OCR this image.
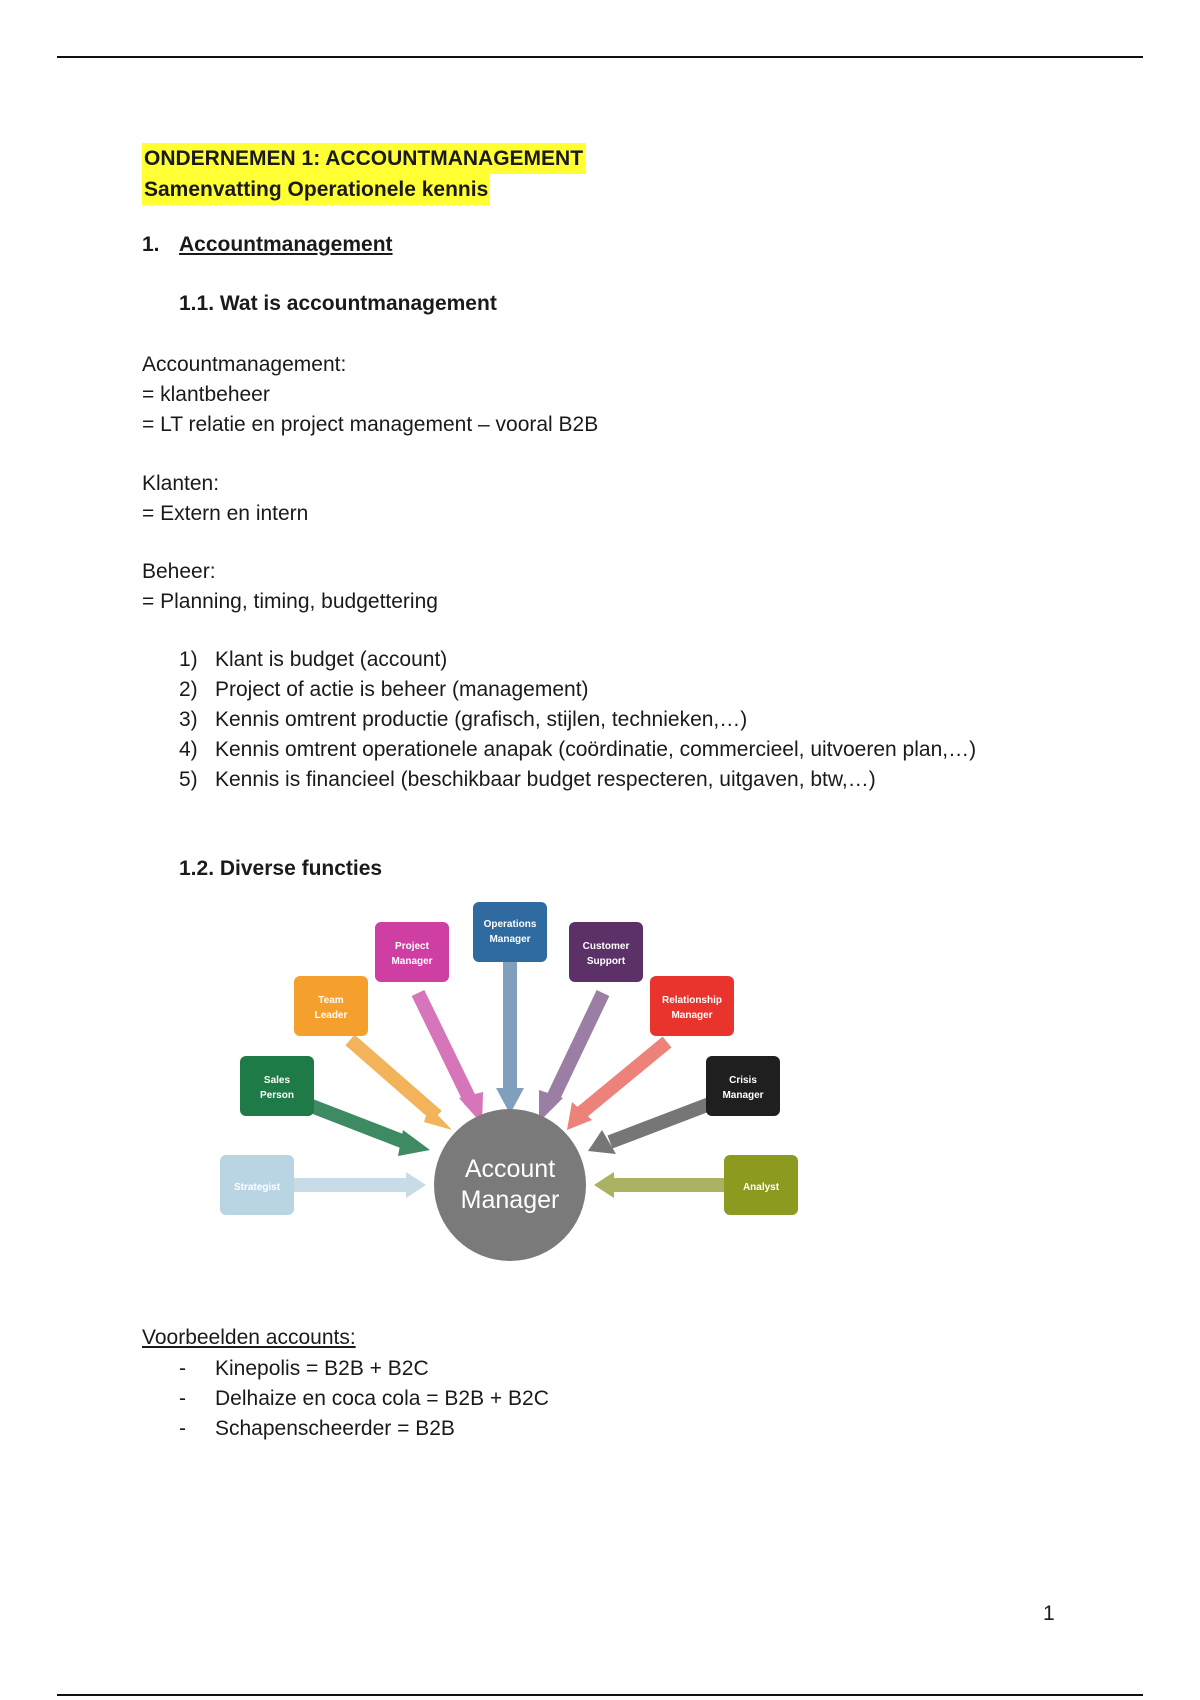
ONDERNEMEN 1: ACCOUNTMANAGEMENT
Samenvatting Operationele kennis
1. Accountmanagement
1.1. Wat is accountmanagement
Accountmanagement:
= klantbeheer
= LT relatie en project management – vooral B2B
Klanten:
= Extern en intern
Beheer:
= Planning, timing, budgettering
1) Klant is budget (account)
2) Project of actie is beheer (management)
3) Kennis omtrent productie (grafisch, stijlen, technieken,…)
4) Kennis omtrent operationele anapak (coördinatie, commercieel, uitvoeren plan,…)
5) Kennis is financieel (beschikbaar budget respecteren, uitgaven, btw,…)
1.2. Diverse functies
Account
Manager
Strategist
Sales
Person
Team
Leader
Project
Manager
Operations
Manager
Customer
Support
Relationship
Manager
Crisis
Manager
Analyst
Voorbeelden accounts:
- Kinepolis = B2B + B2C
- Delhaize en coca cola = B2B + B2C
- Schapenscheerder = B2B
1
